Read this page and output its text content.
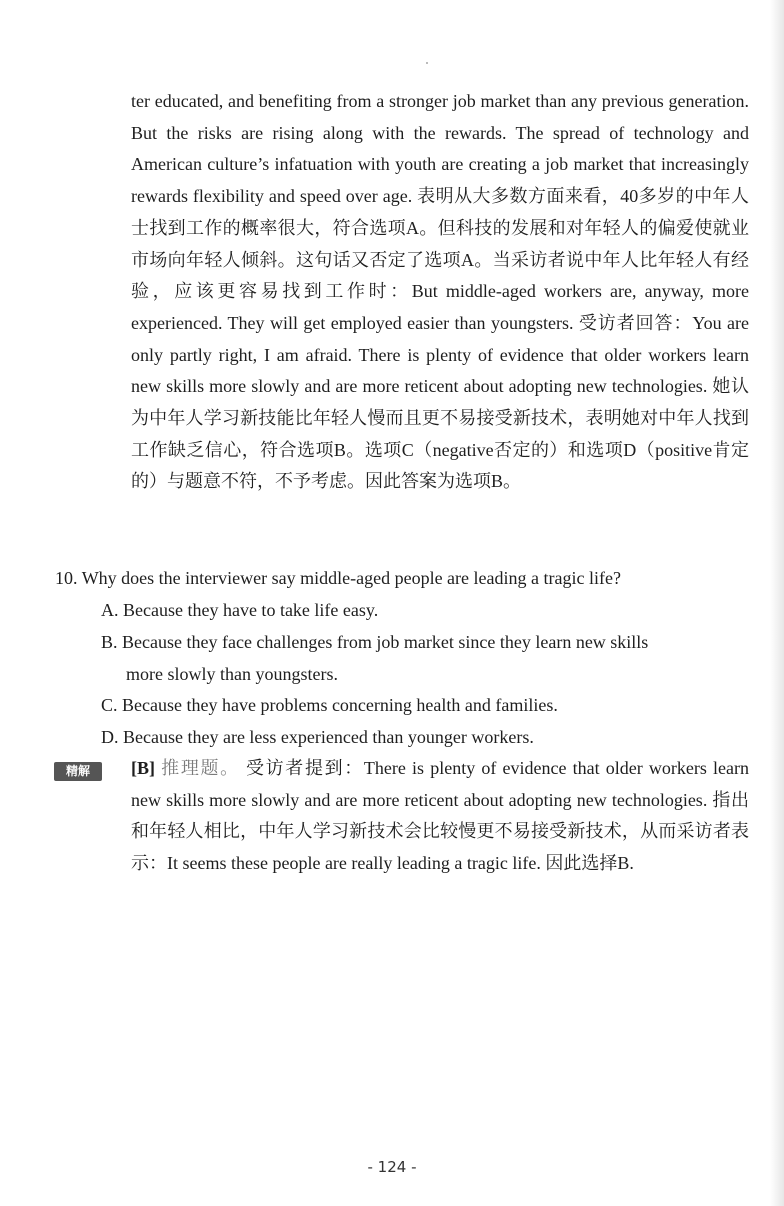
ter educated, and benefiting from a stronger job market than any previous generation. But the risks are rising along with the rewards. The spread of technology and American culture’s infatuation with youth are creating a job market that increasingly rewards flexibility and speed over age. 表明从大多数方面来看，40多岁的中年人士找到工作的概率很大，符合选项A。但科技的发展和对年轻人的偏爱使就业市场向年轻人倾斜。这句话又否定了选项A。当采访者说中年人比年轻人有经验，应该更容易找到工作时：But middle-aged workers are, anyway, more experienced. They will get employed easier than youngsters. 受访者回答：You are only partly right, I am afraid. There is plenty of evidence that older workers learn new skills more slowly and are more reticent about adopting new technologies. 她认为中年人学习新技能比年轻人慢而且更不易接受新技术，表明她对中年人找到工作缺乏信心，符合选项B。选项C（negative否定的）和选项D（positive肯定的）与题意不符，不予考虑。因此答案为选项B。
10. Why does the interviewer say middle-aged people are leading a tragic life?
A. Because they have to take life easy.
B. Because they face challenges from job market since they learn new skills
more slowly than youngsters.
C. Because they have problems concerning health and families.
D. Because they are less experienced than younger workers.
精解	[B] 推理题。 受访者提到：There is plenty of evidence that older workers learn new skills more slowly and are more reticent about adopting new technologies. 指出和年轻人相比，中年人学习新技术会比较慢更不易接受新技术，从而采访者表示：It seems these people are really leading a tragic life. 因此选择B.
- 124 -
